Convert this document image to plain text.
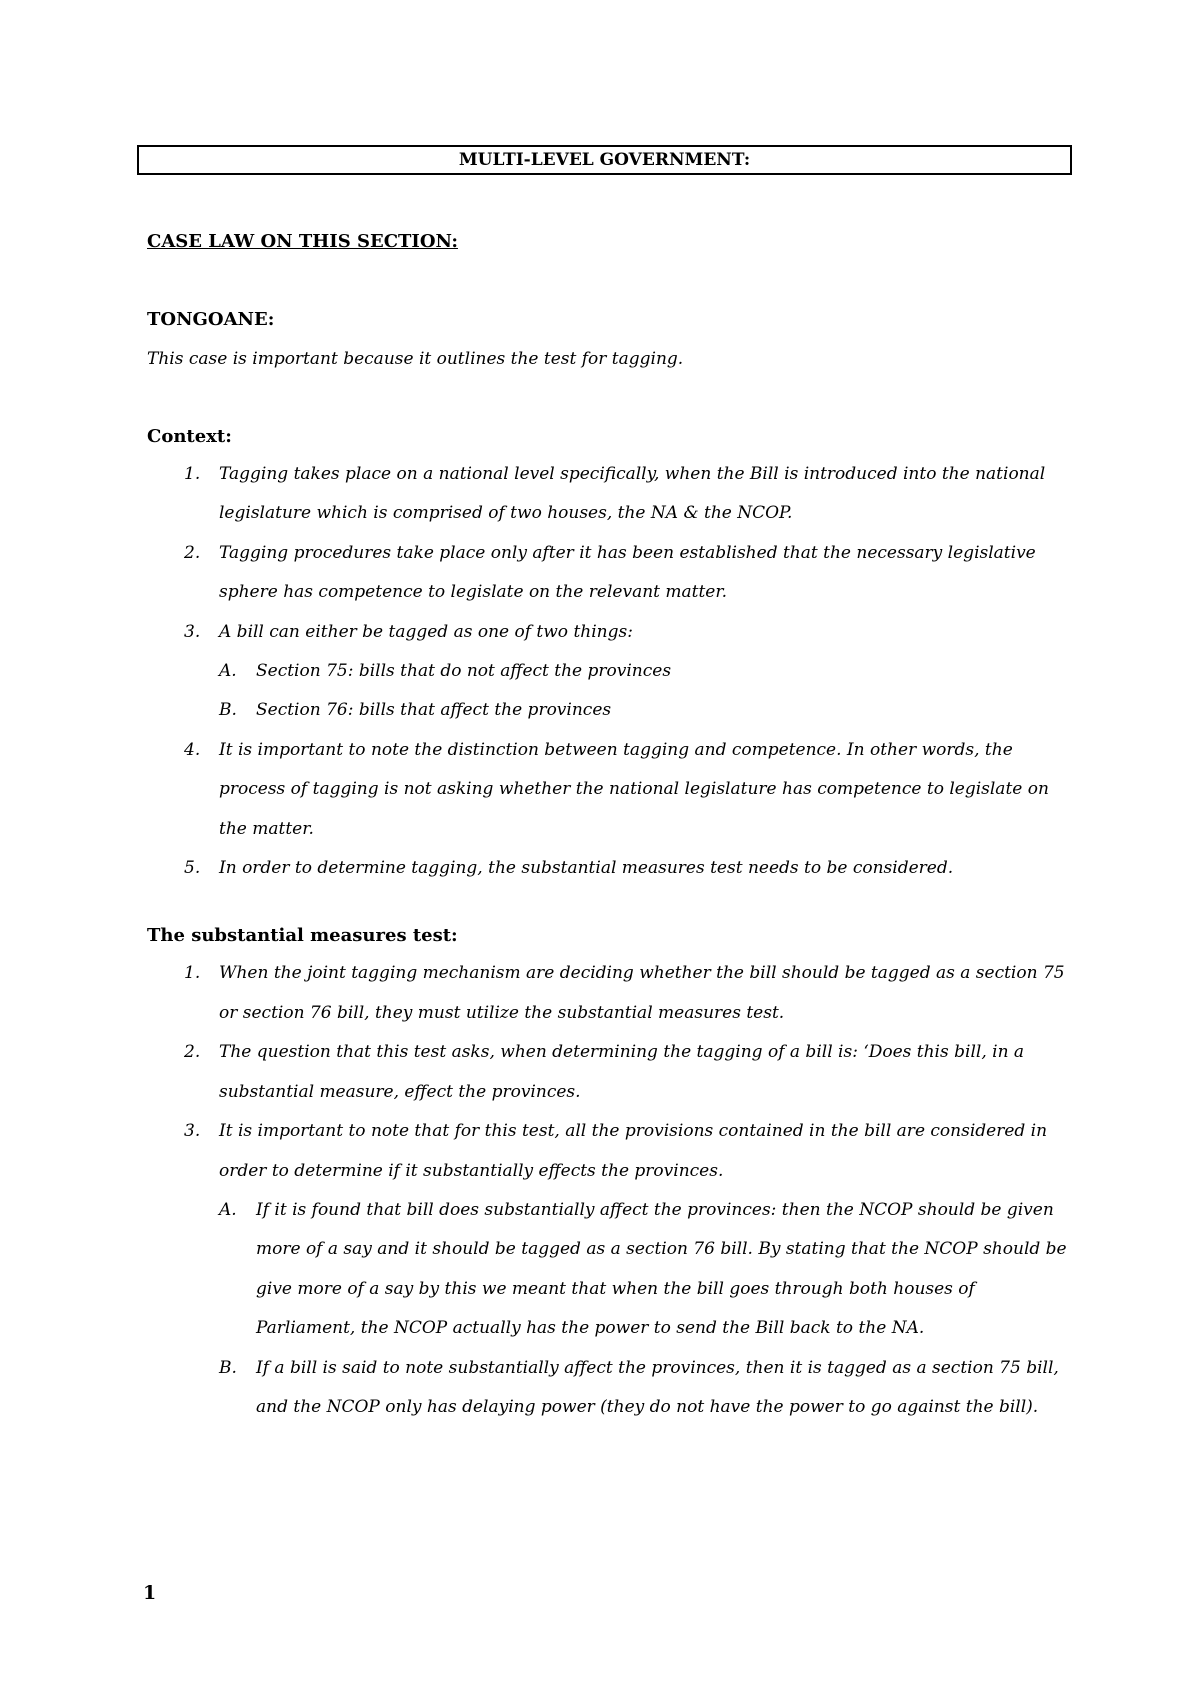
MULTI-LEVEL GOVERNMENT:

CASE LAW ON THIS SECTION:

TONGOANE:

This case is important because it outlines the test for tagging.

Context:

1. Tagging takes place on a national level specifically, when the Bill is introduced into the national legislature which is comprised of two houses, the NA & the NCOP.
2. Tagging procedures take place only after it has been established that the necessary legislative sphere has competence to legislate on the relevant matter.
3. A bill can either be tagged as one of two things:
A. Section 75: bills that do not affect the provinces
B. Section 76: bills that affect the provinces
4. It is important to note the distinction between tagging and competence. In other words, the process of tagging is not asking whether the national legislature has competence to legislate on the matter.
5. In order to determine tagging, the substantial measures test needs to be considered.

The substantial measures test:

1. When the joint tagging mechanism are deciding whether the bill should be tagged as a section 75 or section 76 bill, they must utilize the substantial measures test.
2. The question that this test asks, when determining the tagging of a bill is: ‘Does this bill, in a substantial measure, effect the provinces.
3. It is important to note that for this test, all the provisions contained in the bill are considered in order to determine if it substantially effects the provinces.
A. If it is found that bill does substantially affect the provinces: then the NCOP should be given more of a say and it should be tagged as a section 76 bill. By stating that the NCOP should be give more of a say by this we meant that when the bill goes through both houses of Parliament, the NCOP actually has the power to send the Bill back to the NA.
B. If a bill is said to note substantially affect the provinces, then it is tagged as a section 75 bill, and the NCOP only has delaying power (they do not have the power to go against the bill).
1
